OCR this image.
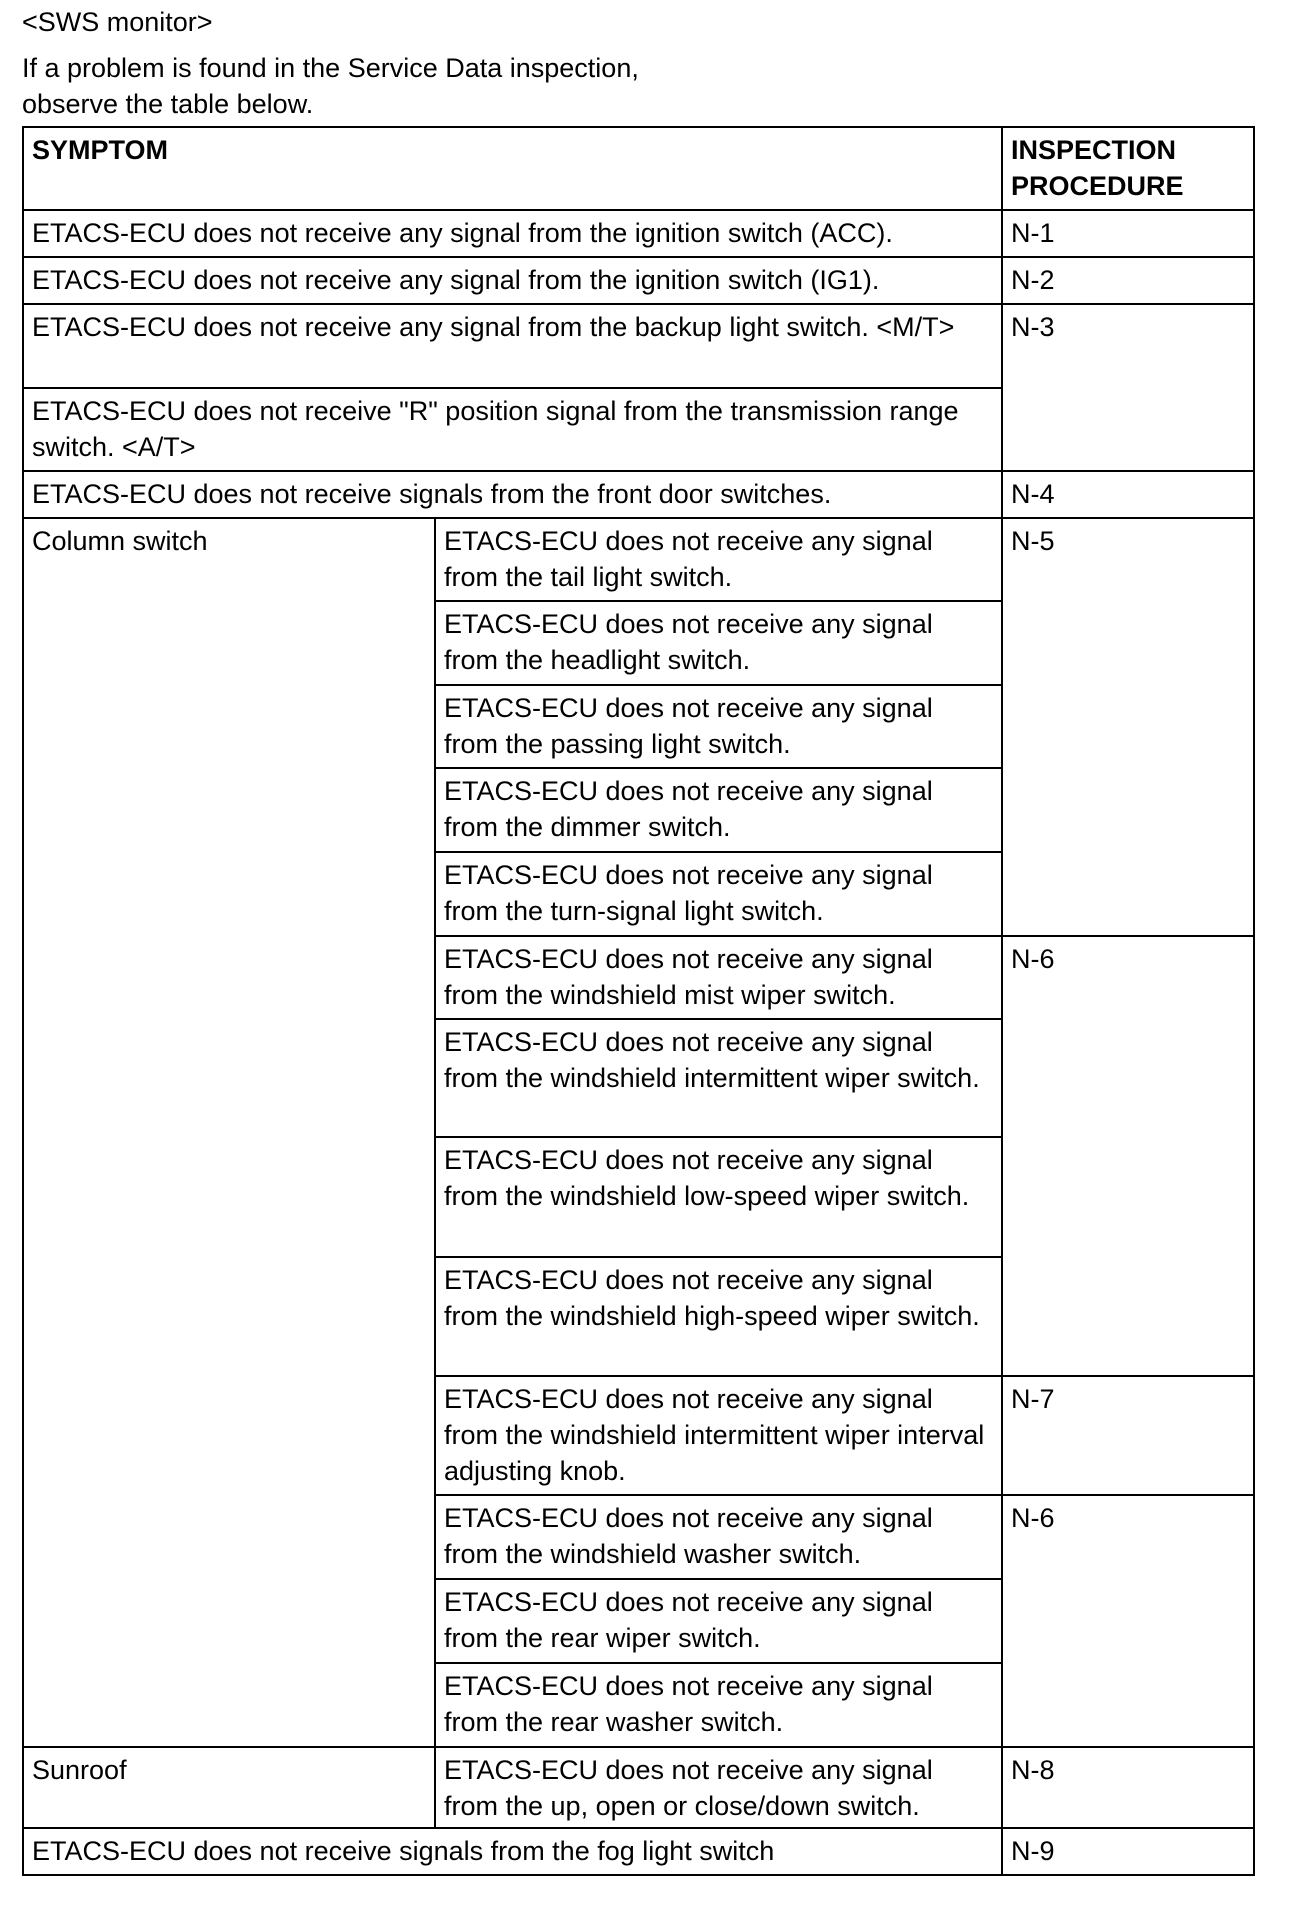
<SWS monitor>
If a problem is found in the Service Data inspection,
observe the table below.
SYMPTOM		INSPECTION
PROCEDURE
ETACS-ECU does not receive any signal from the ignition switch (ACC).		N-1
ETACS-ECU does not receive any signal from the ignition switch (IG1).		N-2
ETACS-ECU does not receive any signal from the backup light switch. <M/T>		N-3
ETACS-ECU does not receive "R" position signal from the transmission range switch. <A/T>		
ETACS-ECU does not receive signals from the front door switches.		N-4
Column switch	ETACS-ECU does not receive any signal from the tail light switch.	N-5
	ETACS-ECU does not receive any signal from the headlight switch.	
	ETACS-ECU does not receive any signal from the passing light switch.	
	ETACS-ECU does not receive any signal from the dimmer switch.	
	ETACS-ECU does not receive any signal from the turn-signal light switch.	
	ETACS-ECU does not receive any signal from the windshield mist wiper switch.	N-6
	ETACS-ECU does not receive any signal from the windshield intermittent wiper switch.	
	ETACS-ECU does not receive any signal from the windshield low-speed wiper switch.	
	ETACS-ECU does not receive any signal from the windshield high-speed wiper switch.	
	ETACS-ECU does not receive any signal from the windshield intermittent wiper interval adjusting knob.	N-7
	ETACS-ECU does not receive any signal from the windshield washer switch.	N-6
	ETACS-ECU does not receive any signal from the rear wiper switch.	
	ETACS-ECU does not receive any signal from the rear washer switch.	
Sunroof	ETACS-ECU does not receive any signal from the up, open or close/down switch.	N-8
ETACS-ECU does not receive signals from the fog light switch		N-9
